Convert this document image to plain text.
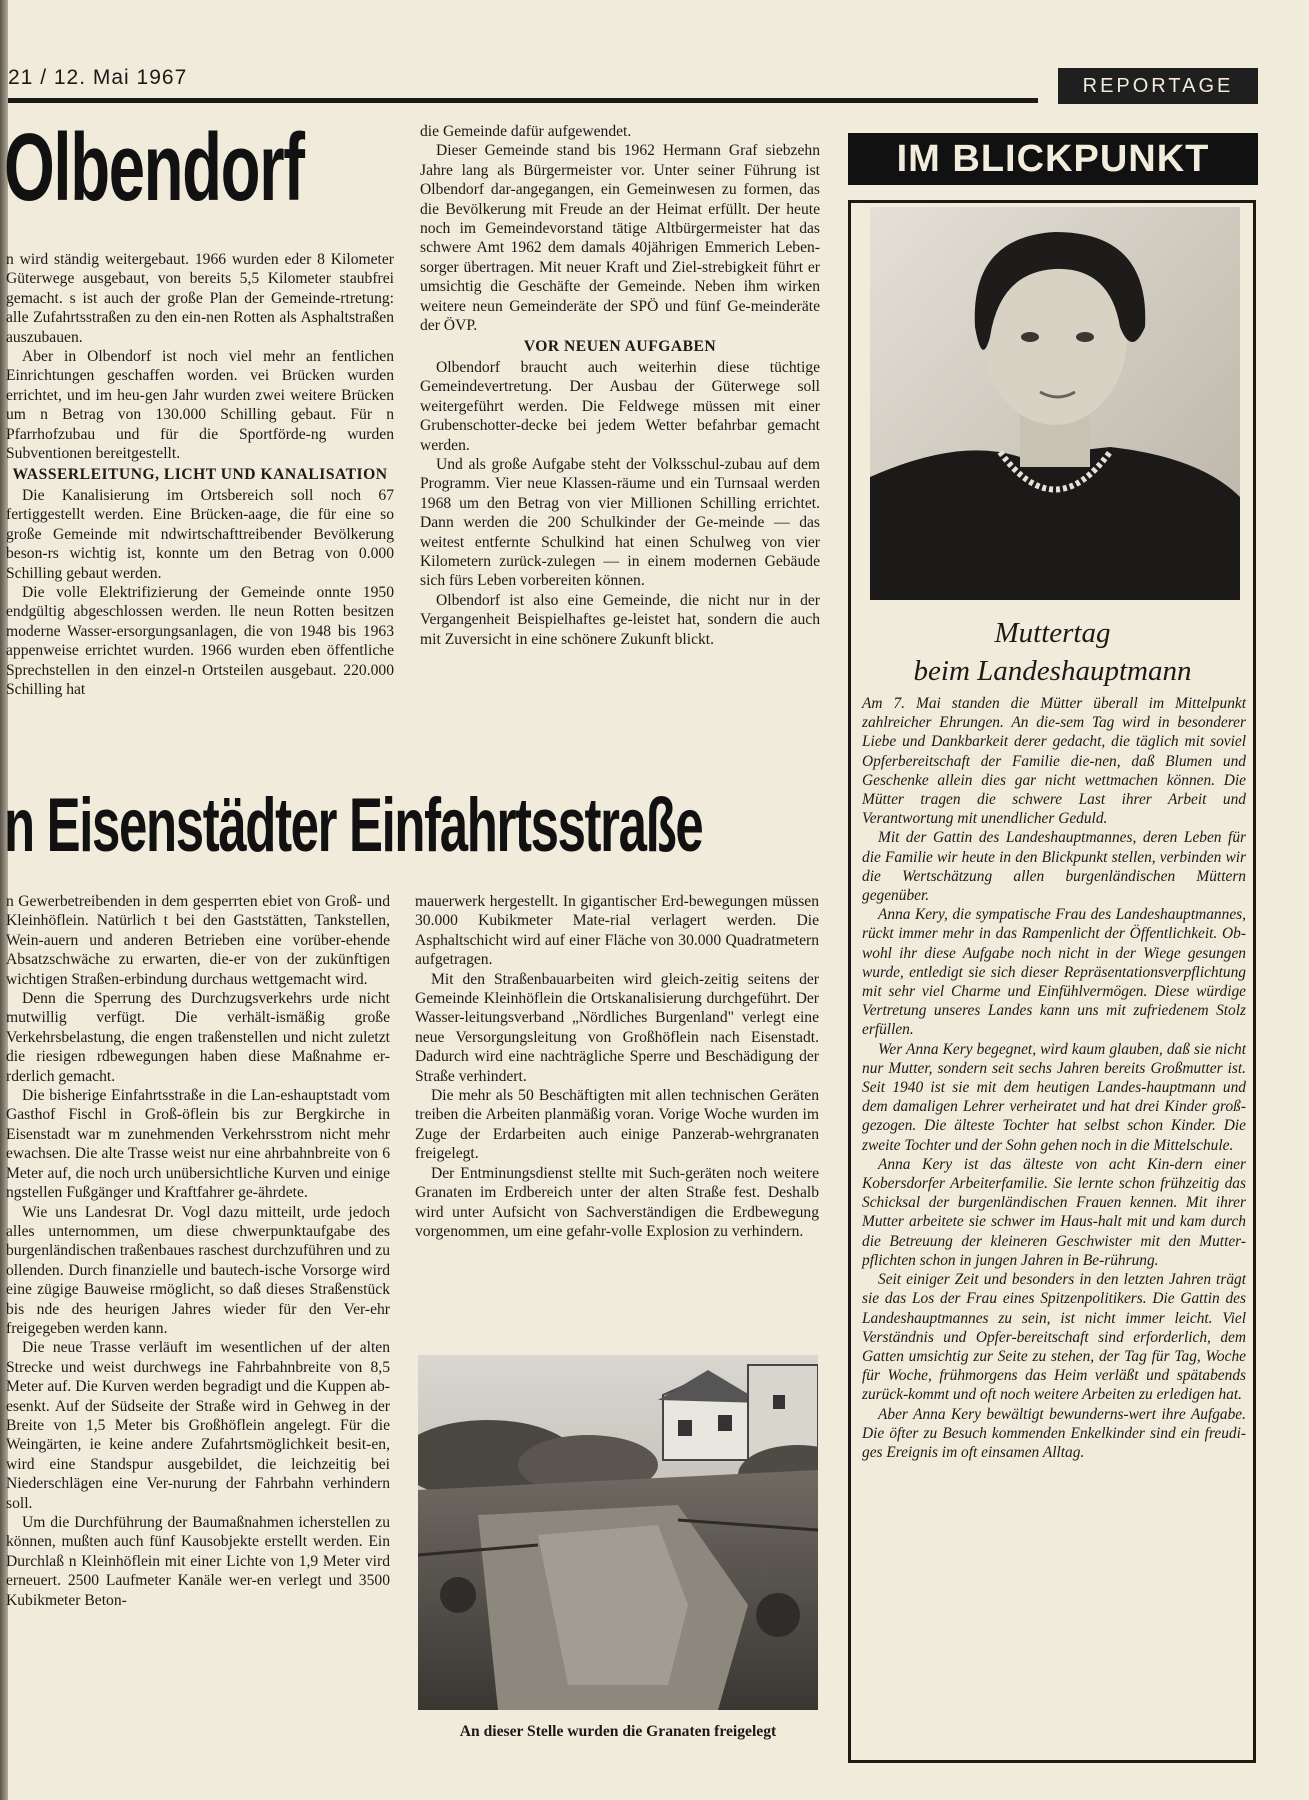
21 / 12. Mai 1967	REPORTAGE
Olbendorf

n wird ständig weitergebaut. 1966 wurden eder 8 Kilometer Güterwege ausgebaut, von bereits 5,5 Kilometer staubfrei gemacht. s ist auch der große Plan der Gemeinde-rtretung: alle Zufahrtsstraßen zu den ein-nen Rotten als Asphaltstraßen auszubauen.

Aber in Olbendorf ist noch viel mehr an fentlichen Einrichtungen geschaffen worden. vei Brücken wurden errichtet, und im heu-gen Jahr wurden zwei weitere Brücken um n Betrag von 130.000 Schilling gebaut. Für n Pfarrhofzubau und für die Sportförde-ng wurden Subventionen bereitgestellt.

WASSERLEITUNG, LICHT UND KANALISATION

Die Kanalisierung im Ortsbereich soll noch 67 fertiggestellt werden. Eine Brücken-aage, die für eine so große Gemeinde mit ndwirtschafttreibender Bevölkerung beson-rs wichtig ist, konnte um den Betrag von 0.000 Schilling gebaut werden.

Die volle Elektrifizierung der Gemeinde onnte 1950 endgültig abgeschlossen werden. lle neun Rotten besitzen moderne Wasser-ersorgungsanlagen, die von 1948 bis 1963 appenweise errichtet wurden. 1966 wurden eben öffentliche Sprechstellen in den einzel-n Ortsteilen ausgebaut. 220.000 Schilling hat

die Gemeinde dafür aufgewendet.

Dieser Gemeinde stand bis 1962 Hermann Graf siebzehn Jahre lang als Bürgermeister vor. Unter seiner Führung ist Olbendorf dar-angegangen, ein Gemeinwesen zu formen, das die Bevölkerung mit Freude an der Heimat erfüllt. Der heute noch im Gemeindevorstand tätige Altbürgermeister hat das schwere Amt 1962 dem damals 40jährigen Emmerich Leben-sorger übertragen. Mit neuer Kraft und Ziel-strebigkeit führt er umsichtig die Geschäfte der Gemeinde. Neben ihm wirken weitere neun Gemeinderäte der SPÖ und fünf Ge-meinderäte der ÖVP.

VOR NEUEN AUFGABEN

Olbendorf braucht auch weiterhin diese tüchtige Gemeindevertretung. Der Ausbau der Güterwege soll weitergeführt werden. Die Feldwege müssen mit einer Grubenschotter-decke bei jedem Wetter befahrbar gemacht werden.

Und als große Aufgabe steht der Volksschul-zubau auf dem Programm. Vier neue Klassen-räume und ein Turnsaal werden 1968 um den Betrag von vier Millionen Schilling errichtet. Dann werden die 200 Schulkinder der Ge-meinde — das weitest entfernte Schulkind hat einen Schulweg von vier Kilometern zurück-zulegen — in einem modernen Gebäude sich fürs Leben vorbereiten können.

Olbendorf ist also eine Gemeinde, die nicht nur in der Vergangenheit Beispielhaftes ge-leistet hat, sondern die auch mit Zuversicht in eine schönere Zukunft blickt.

n Eisenstädter Einfahrtsstraße

n Gewerbetreibenden in dem gesperrten ebiet von Groß- und Kleinhöflein. Natürlich t bei den Gaststätten, Tankstellen, Wein-auern und anderen Betrieben eine vorüber-ehende Absatzschwäche zu erwarten, die-er von der zukünftigen wichtigen Straßen-erbindung durchaus wettgemacht wird.

Denn die Sperrung des Durchzugsverkehrs urde nicht mutwillig verfügt. Die verhält-ismäßig große Verkehrsbelastung, die engen traßenstellen und nicht zuletzt die riesigen rdbewegungen haben diese Maßnahme er-rderlich gemacht.

Die bisherige Einfahrtsstraße in die Lan-eshauptstadt vom Gasthof Fischl in Groß-öflein bis zur Bergkirche in Eisenstadt war m zunehmenden Verkehrsstrom nicht mehr ewachsen. Die alte Trasse weist nur eine ahrbahnbreite von 6 Meter auf, die noch urch unübersichtliche Kurven und einige ngstellen Fußgänger und Kraftfahrer ge-ährdete.

Wie uns Landesrat Dr. Vogl dazu mitteilt, urde jedoch alles unternommen, um diese chwerpunktaufgabe des burgenländischen traßenbaues raschest durchzuführen und zu ollenden. Durch finanzielle und bautech-ische Vorsorge wird eine zügige Bauweise rmöglicht, so daß dieses Straßenstück bis nde des heurigen Jahres wieder für den Ver-ehr freigegeben werden kann.

Die neue Trasse verläuft im wesentlichen uf der alten Strecke und weist durchwegs ine Fahrbahnbreite von 8,5 Meter auf. Die Kurven werden begradigt und die Kuppen ab-esenkt. Auf der Südseite der Straße wird in Gehweg in der Breite von 1,5 Meter bis Großhöflein angelegt. Für die Weingärten, ie keine andere Zufahrtsmöglichkeit besit-en, wird eine Standspur ausgebildet, die leichzeitig bei Niederschlägen eine Ver-nurung der Fahrbahn verhindern soll.

Um die Durchführung der Baumaßnahmen icherstellen zu können, mußten auch fünf Kausobjekte erstellt werden. Ein Durchlaß n Kleinhöflein mit einer Lichte von 1,9 Meter vird erneuert. 2500 Laufmeter Kanäle wer-en verlegt und 3500 Kubikmeter Beton-

mauerwerk hergestellt. In gigantischer Erd-bewegungen müssen 30.000 Kubikmeter Mate-rial verlagert werden. Die Asphaltschicht wird auf einer Fläche von 30.000 Quadratmetern aufgetragen.

Mit den Straßenbauarbeiten wird gleich-zeitig seitens der Gemeinde Kleinhöflein die Ortskanalisierung durchgeführt. Der Wasser-leitungsverband „Nördliches Burgenland" verlegt eine neue Versorgungsleitung von Großhöflein nach Eisenstadt. Dadurch wird eine nachträgliche Sperre und Beschädigung der Straße verhindert.

Die mehr als 50 Beschäftigten mit allen technischen Geräten treiben die Arbeiten planmäßig voran. Vorige Woche wurden im Zuge der Erdarbeiten auch einige Panzerab-wehrgranaten freigelegt.

Der Entminungsdienst stellte mit Such-geräten noch weitere Granaten im Erdbereich unter der alten Straße fest. Deshalb wird unter Aufsicht von Sachverständigen die Erdbewegung vorgenommen, um eine gefahr-volle Explosion zu verhindern.

An dieser Stelle wurden die Granaten freigelegt
IM BLICKPUNKT
Muttertag
beim Landeshauptmann

Am 7. Mai standen die Mütter überall im Mittelpunkt zahlreicher Ehrungen. An die-sem Tag wird in besonderer Liebe und Dankbarkeit derer gedacht, die täglich mit soviel Opferbereitschaft der Familie die-nen, daß Blumen und Geschenke allein dies gar nicht wettmachen können. Die Mütter tragen die schwere Last ihrer Arbeit und Verantwortung mit unendlicher Geduld.

Mit der Gattin des Landeshauptmannes, deren Leben für die Familie wir heute in den Blickpunkt stellen, verbinden wir die Wertschätzung allen burgenländischen Müttern gegenüber.

Anna Kery, die sympatische Frau des Landeshauptmannes, rückt immer mehr in das Rampenlicht der Öffentlichkeit. Ob-wohl ihr diese Aufgabe noch nicht in der Wiege gesungen wurde, entledigt sie sich dieser Repräsentationsverpflichtung mit sehr viel Charme und Einfühlvermögen. Diese würdige Vertretung unseres Landes kann uns mit zufriedenem Stolz erfüllen.

Wer Anna Kery begegnet, wird kaum glauben, daß sie nicht nur Mutter, sondern seit sechs Jahren bereits Großmutter ist. Seit 1940 ist sie mit dem heutigen Landes-hauptmann und dem damaligen Lehrer verheiratet und hat drei Kinder groß-gezogen. Die älteste Tochter hat selbst schon Kinder. Die zweite Tochter und der Sohn gehen noch in die Mittelschule.

Anna Kery ist das älteste von acht Kin-dern einer Kobersdorfer Arbeiterfamilie. Sie lernte schon frühzeitig das Schicksal der burgenländischen Frauen kennen. Mit ihrer Mutter arbeitete sie schwer im Haus-halt mit und kam durch die Betreuung der kleineren Geschwister mit den Mutter-pflichten schon in jungen Jahren in Be-rührung.

Seit einiger Zeit und besonders in den letzten Jahren trägt sie das Los der Frau eines Spitzenpolitikers. Die Gattin des Landeshauptmannes zu sein, ist nicht immer leicht. Viel Verständnis und Opfer-bereitschaft sind erforderlich, dem Gatten umsichtig zur Seite zu stehen, der Tag für Tag, Woche für Woche, frühmorgens das Heim verläßt und spätabends zurück-kommt und oft noch weitere Arbeiten zu erledigen hat.

Aber Anna Kery bewältigt bewunderns-wert ihre Aufgabe. Die öfter zu Besuch kommenden Enkelkinder sind ein freudi-ges Ereignis im oft einsamen Alltag.
